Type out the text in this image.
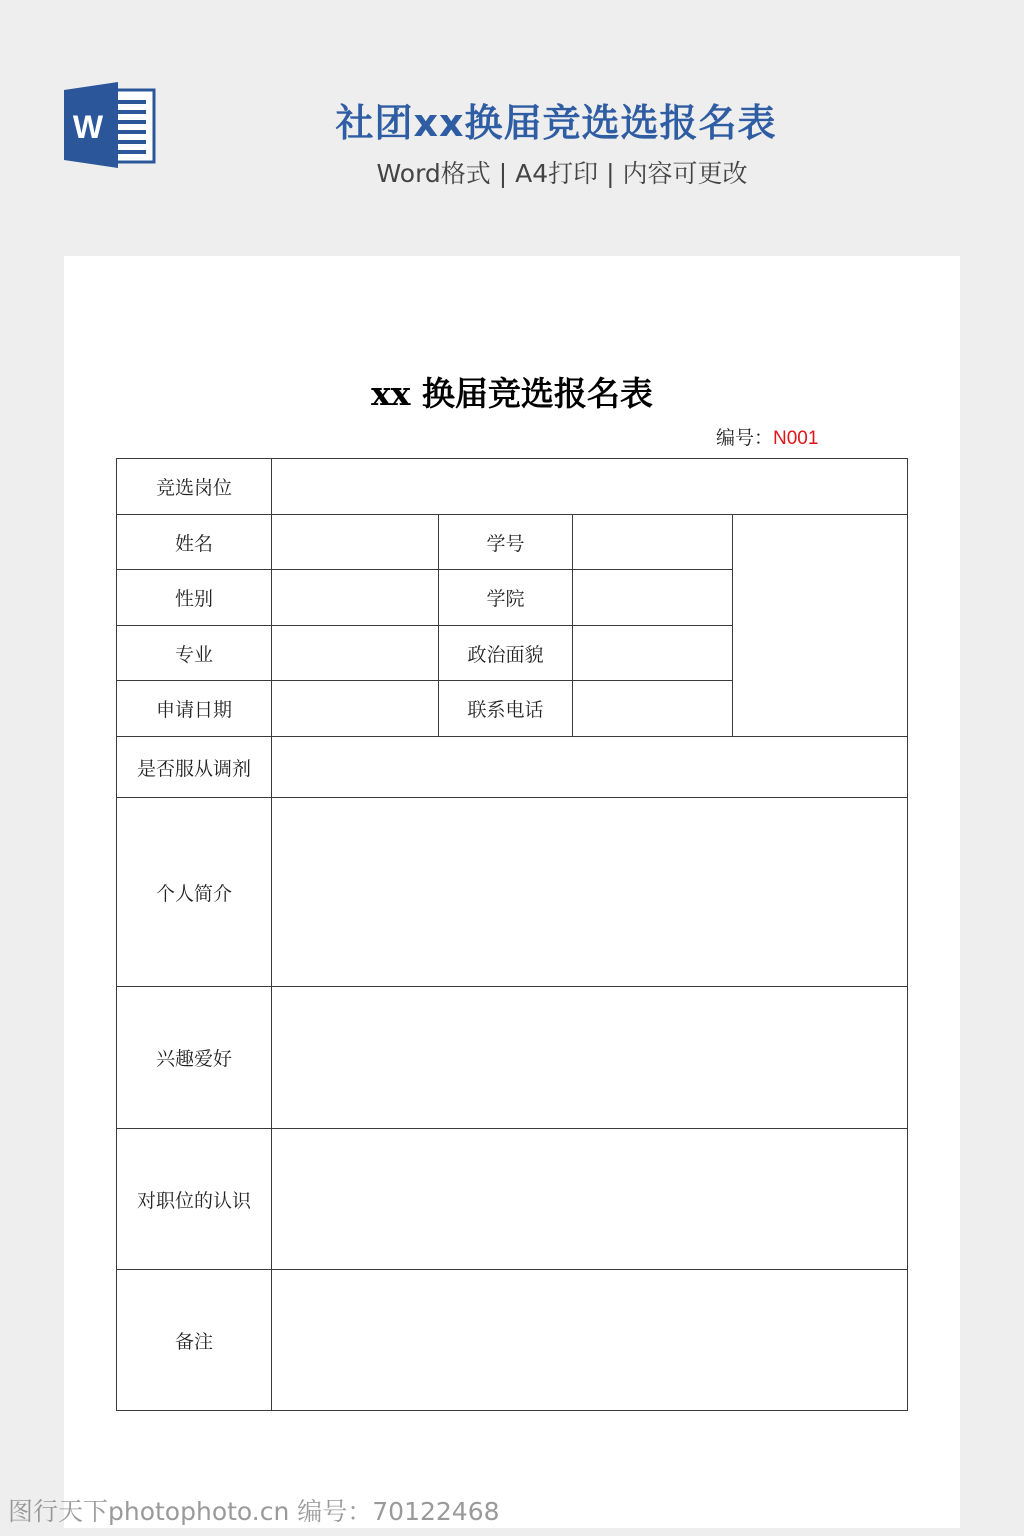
W	社团xx换届竞选选报名表
Word格式 | A4打印 | 内容可更改
xx 换届竞选报名表
编号：N001
竞选岗位				
姓名		学号		
性别		学院		
专业		政治面貌		
申请日期		联系电话		
是否服从调剂				
个人简介				
兴趣爱好				
对职位的认识				
备注				
图行天下photophoto.cn 编号：70122468
